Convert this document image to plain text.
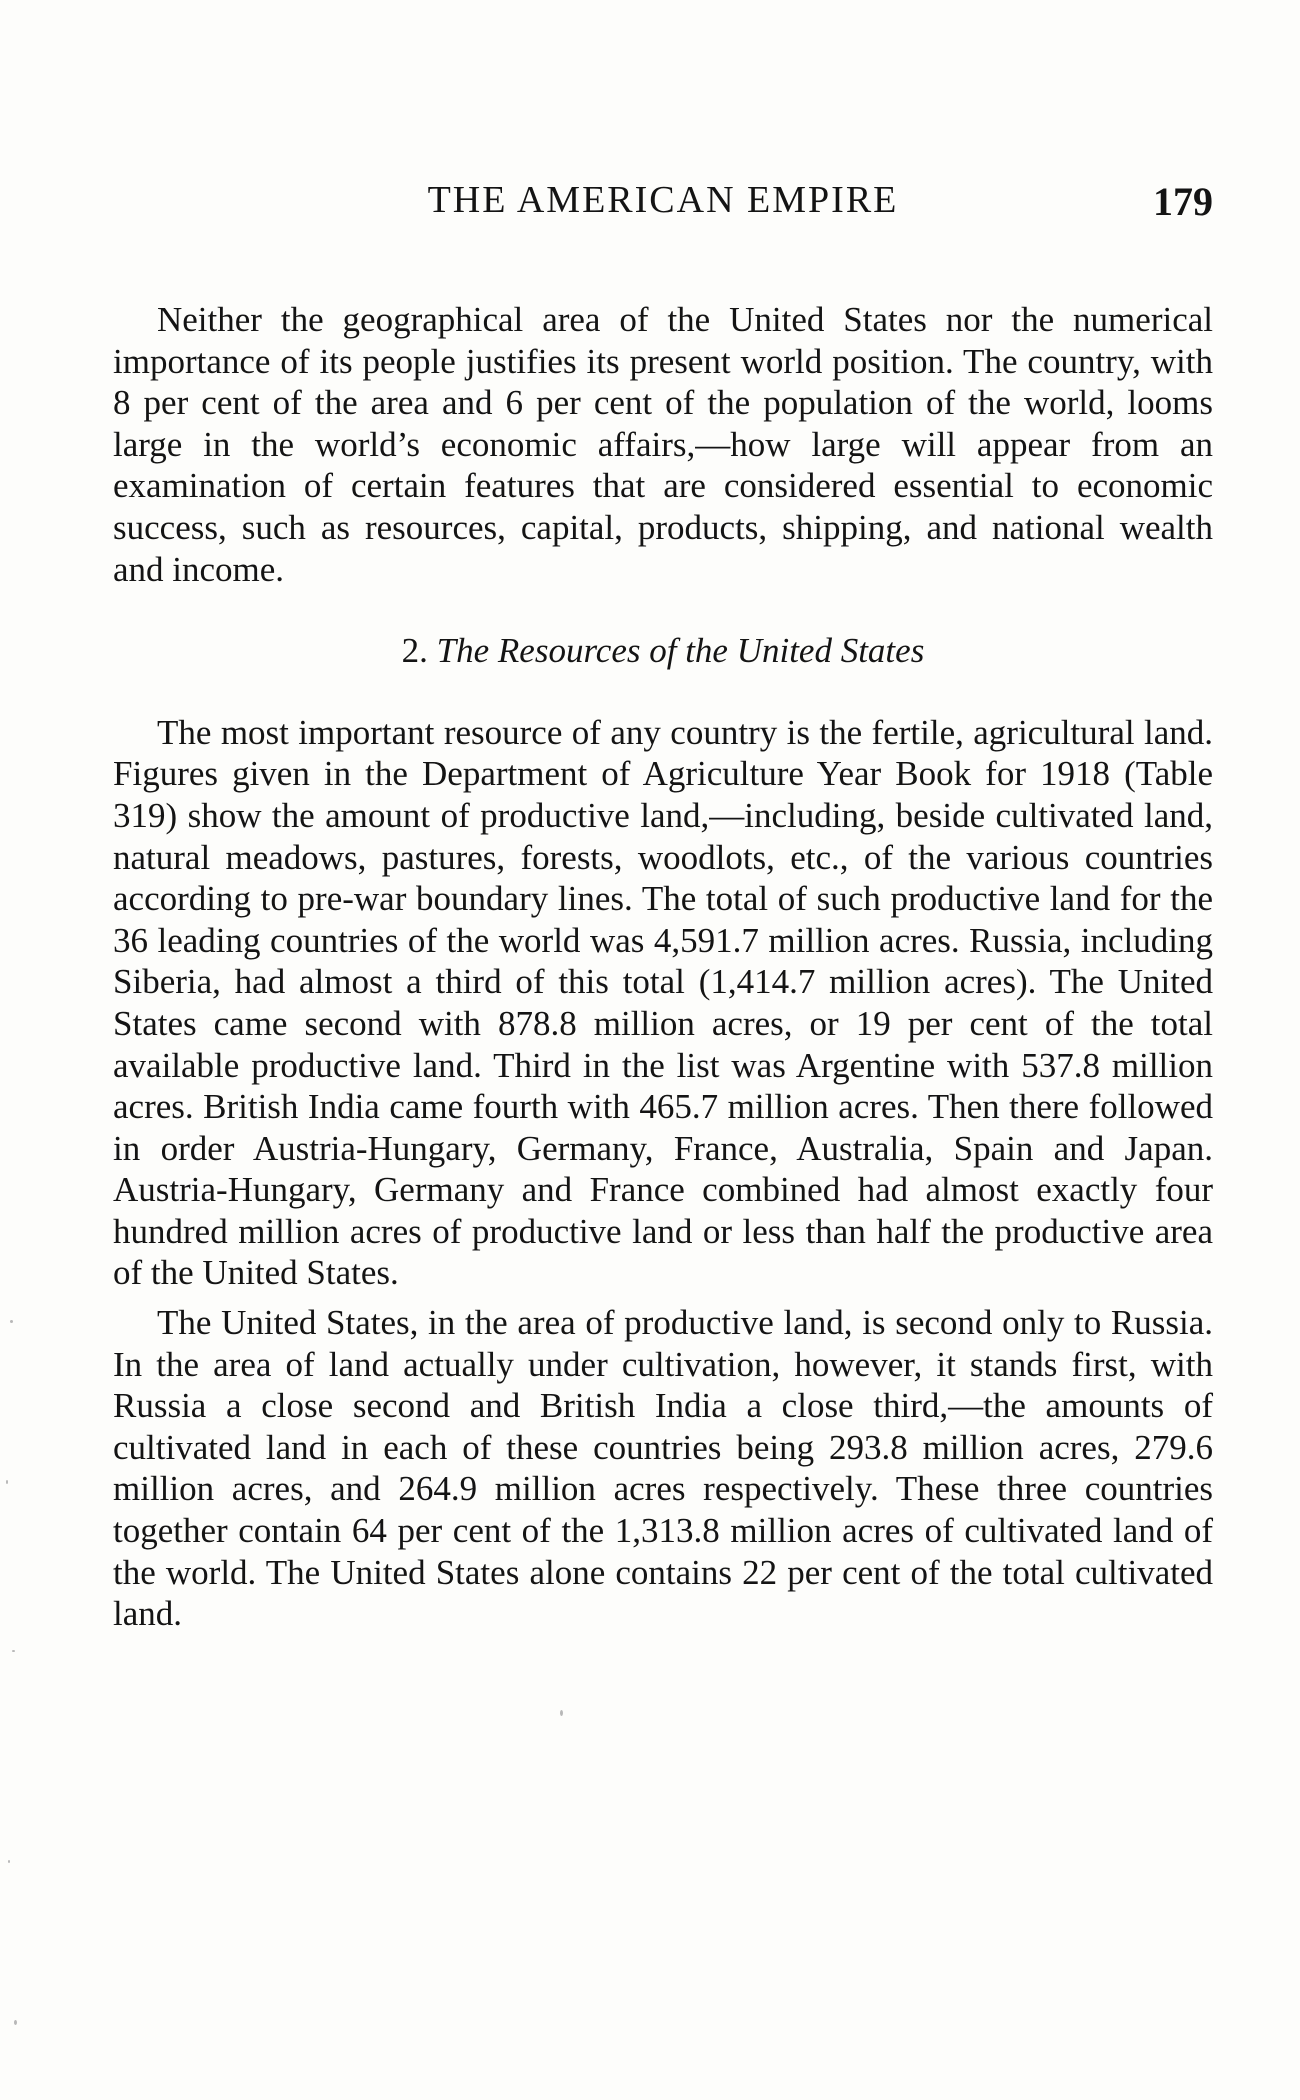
THE AMERICAN EMPIRE	179

Neither the geographical area of the United States nor the numerical importance of its people justifies its present world position. The country, with 8 per cent of the area and 6 per cent of the population of the world, looms large in the world’s economic affairs,—how large will appear from an examination of certain features that are considered essential to economic success, such as resources, capital, products, shipping, and national wealth and income.

2. The Resources of the United States

The most important resource of any country is the fertile, agricultural land. Figures given in the Department of Agriculture Year Book for 1918 (Table 319) show the amount of productive land,—including, beside cultivated land, natural meadows, pastures, forests, woodlots, etc., of the various countries according to pre-war boundary lines. The total of such productive land for the 36 leading countries of the world was 4,591.7 million acres. Russia, including Siberia, had almost a third of this total (1,414.7 million acres). The United States came second with 878.8 million acres, or 19 per cent of the total available productive land. Third in the list was Argentine with 537.8 million acres. British India came fourth with 465.7 million acres. Then there followed in order Austria-Hungary, Germany, France, Australia, Spain and Japan. Austria-Hungary, Germany and France combined had almost exactly four hundred million acres of productive land or less than half the productive area of the United States.

The United States, in the area of productive land, is second only to Russia. In the area of land actually under cultivation, however, it stands first, with Russia a close second and British India a close third,—the amounts of cultivated land in each of these countries being 293.8 million acres, 279.6 million acres, and 264.9 million acres respectively. These three countries together contain 64 per cent of the 1,313.8 million acres of cultivated land of the world. The United States alone contains 22 per cent of the total cultivated land.
